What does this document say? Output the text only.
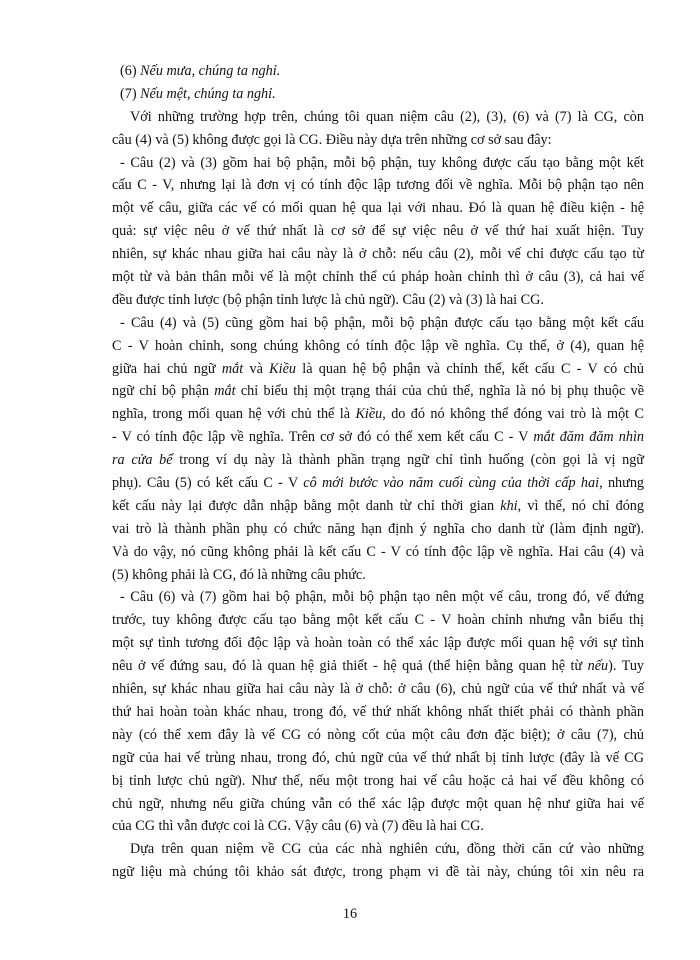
(6) Nếu mưa, chúng ta nghỉ.
(7) Nếu mệt, chúng ta nghỉ.
Với những trường hợp trên, chúng tôi quan niệm câu (2), (3), (6) và (7) là CG, còn
câu (4) và (5) không được gọi là CG. Điều này dựa trên những cơ sở sau đây:
- Câu (2) và (3) gồm hai bộ phận, mỗi bộ phận, tuy không được cấu tạo bằng một kết
cấu C - V, nhưng lại là đơn vị có tính độc lập tương đối về nghĩa. Mỗi bộ phận tạo nên
một vế câu, giữa các vế có mối quan hệ qua lại với nhau. Đó là quan hệ điều kiện - hệ
quả: sự việc nêu ở vế thứ nhất là cơ sở để sự việc nêu ở vế thứ hai xuất hiện. Tuy
nhiên, sự khác nhau giữa hai câu này là ở chỗ: nếu câu (2), mỗi vế chỉ được cấu tạo từ
một từ và bản thân mỗi vế là một chỉnh thể cú pháp hoàn chỉnh thì ở câu (3), cả hai vế
đều được tỉnh lược (bộ phận tỉnh lược là chủ ngữ). Câu (2) và (3) là hai CG.
- Câu (4) và (5) cũng gồm hai bộ phận, mỗi bộ phận được cấu tạo bằng một kết cấu
C - V hoàn chỉnh, song chúng không có tính độc lập về nghĩa. Cụ thể, ở (4), quan hệ
giữa hai chủ ngữ mắt và Kiều là quan hệ bộ phận và chỉnh thể, kết cấu C - V có chủ
ngữ chỉ bộ phận mắt chỉ biểu thị một trạng thái của chủ thể, nghĩa là nó bị phụ thuộc về
nghĩa, trong mối quan hệ với chủ thể là Kiều, do đó nó không thể đóng vai trò là một C
- V có tính độc lập về nghĩa. Trên cơ sở đó có thể xem kết cấu C - V mắt đăm đăm nhìn
ra cửa bể trong ví dụ này là thành phần trạng ngữ chỉ tình huống (còn gọi là vị ngữ
phụ). Câu (5) có kết cấu C - V cô mới bước vào năm cuối cùng của thời cấp hai, nhưng
kết cấu này lại được dẫn nhập bằng một danh từ chỉ thời gian khi, vì thế, nó chỉ đóng
vai trò là thành phần phụ có chức năng hạn định ý nghĩa cho danh từ (làm định ngữ).
Và do vậy, nó cũng không phải là kết cấu C - V có tính độc lập về nghĩa. Hai câu (4) và
(5) không phải là CG, đó là những câu phức.
- Câu (6) và (7) gồm hai bộ phận, mỗi bộ phận tạo nên một vế câu, trong đó, vế đứng
trước, tuy không được cấu tạo bằng một kết cấu C - V hoàn chỉnh nhưng vẫn biểu thị
một sự tình tương đối độc lập và hoàn toàn có thể xác lập được mối quan hệ với sự tình
nêu ở vế đứng sau, đó là quan hệ giả thiết - hệ quả (thể hiện bằng quan hệ từ nếu). Tuy
nhiên, sự khác nhau giữa hai câu này là ở chỗ: ở câu (6), chủ ngữ của vế thứ nhất và vế
thứ hai hoàn toàn khác nhau, trong đó, vế thứ nhất không nhất thiết phải có thành phần
này (có thể xem đây là vế CG có nòng cốt của một câu đơn đặc biệt); ở câu (7), chủ
ngữ của hai vế trùng nhau, trong đó, chủ ngữ của vế thứ nhất bị tỉnh lược (đây là vế CG
bị tỉnh lược chủ ngữ). Như thế, nếu một trong hai vế câu hoặc cả hai vế đều không có
chủ ngữ, nhưng nếu giữa chúng vẫn có thể xác lập được một quan hệ như giữa hai vế
của CG thì vẫn được coi là CG. Vậy câu (6) và (7) đều là hai CG.
Dựa trên quan niệm về CG của các nhà nghiên cứu, đồng thời căn cứ vào những
ngữ liệu mà chúng tôi khảo sát được, trong phạm vi đề tài này, chúng tôi xin nêu ra
16
